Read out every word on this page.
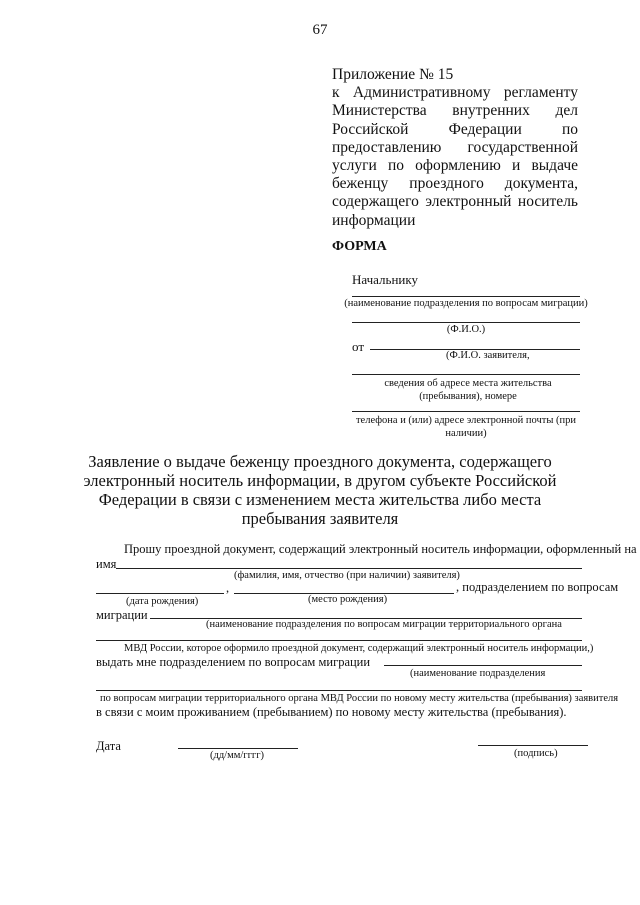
67
Приложение № 15
к Административному регламенту
Министерства внутренних дел
Российской Федерации по
предоставлению государственной
услуги по оформлению и выдаче
беженцу проездного документа,
содержащего электронный носитель
информации
ФОРМА
Начальнику
(наименование подразделения по вопросам миграции)
(Ф.И.О.)
от
(Ф.И.О. заявителя,
сведения об адресе места жительства (пребывания), номере
телефона и (или) адресе электронной почты (при наличии)
Заявление о выдаче беженцу проездного документа, содержащего электронный носитель информации, в другом субъекте Российской Федерации в связи с изменением места жительства либо места пребывания заявителя
Прошу проездной документ, содержащий электронный носитель информации, оформленный на
имя
(фамилия, имя, отчество (при наличии) заявителя)
,	, подразделением по вопросам
(дата рождения)	(место рождения)
миграции
(наименование подразделения по вопросам миграции территориального органа
МВД России, которое оформило проездной документ, содержащий электронный носитель информации,)
выдать мне подразделением по вопросам миграции
(наименование подразделения
по вопросам миграции территориального органа МВД России по новому месту жительства (пребывания) заявителя
в связи с моим проживанием (пребыванием) по новому месту жительства (пребывания).
Дата
(дд/мм/гггг)	(подпись)
